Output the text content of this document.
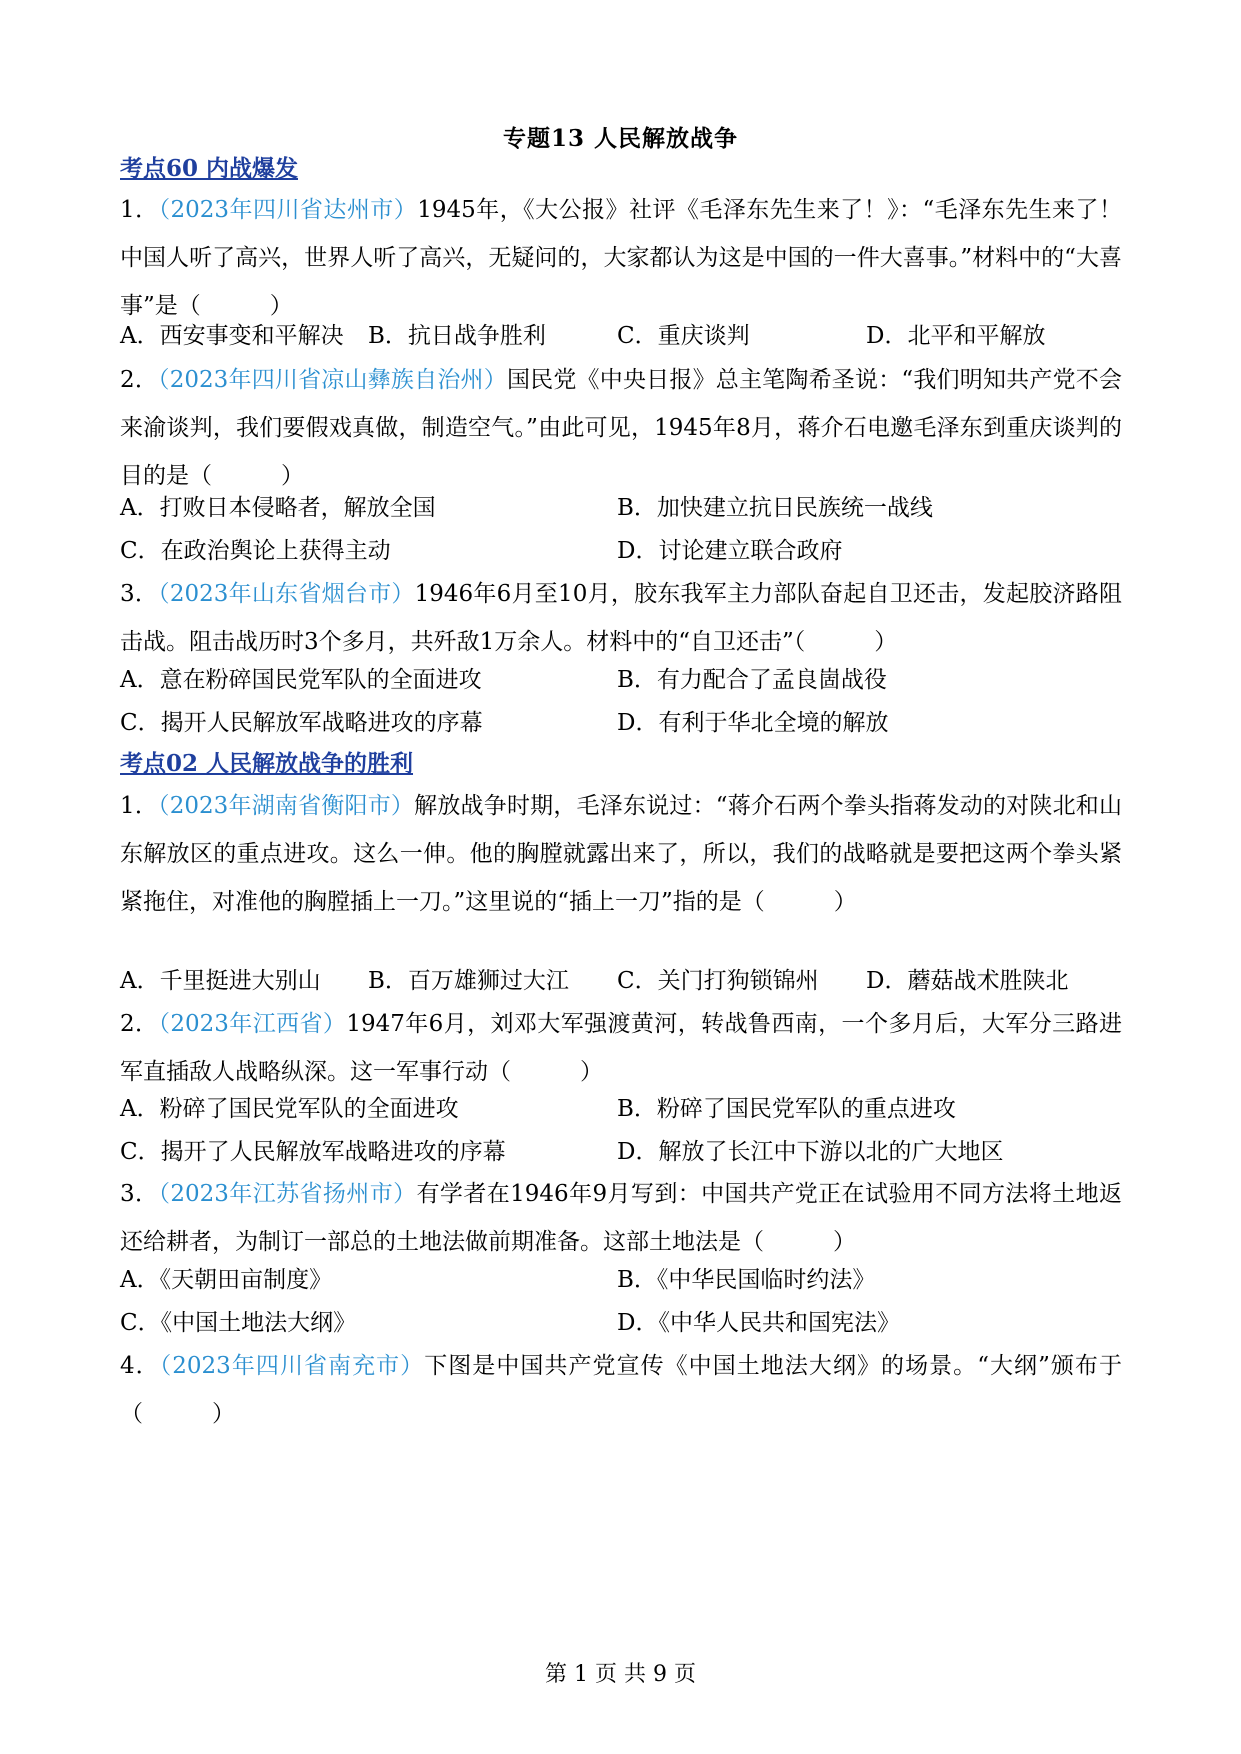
专题13 人民解放战争
考点60 内战爆发
1．（2023年四川省达州市）1945年，《大公报》社评《毛泽东先生来了！》：“毛泽东先生来了！中国人听了高兴，世界人听了高兴，无疑问的，大家都认为这是中国的一件大喜事。”材料中的“大喜事”是（　　　）
A．西安事变和平解决 B．抗日战争胜利	C．重庆谈判	D．北平和平解放
2．（2023年四川省凉山彝族自治州）国民党《中央日报》总主笔陶希圣说：“我们明知共产党不会来渝谈判，我们要假戏真做，制造空气。”由此可见，1945年8月，蒋介石电邀毛泽东到重庆谈判的目的是（　　　）
A．打败日本侵略者，解放全国	B．加快建立抗日民族统一战线
C．在政治舆论上获得主动	D．讨论建立联合政府
3．（2023年山东省烟台市）1946年6月至10月，胶东我军主力部队奋起自卫还击，发起胶济路阻击战。阻击战历时3个多月，共歼敌1万余人。材料中的“自卫还击”（　　　）
A．意在粉碎国民党军队的全面进攻	B．有力配合了孟良崮战役
C．揭开人民解放军战略进攻的序幕	D．有利于华北全境的解放
考点02 人民解放战争的胜利
1．（2023年湖南省衡阳市）解放战争时期，毛泽东说过：“蒋介石两个拳头指蒋发动的对陕北和山东解放区的重点进攻。这么一伸。他的胸膛就露出来了，所以，我们的战略就是要把这两个拳头紧紧拖住，对准他的胸膛插上一刀。”这里说的“插上一刀”指的是（　　　）
A．千里挺进大别山 B．百万雄狮过大江 C．关门打狗锁锦州 D．蘑菇战术胜陕北
2．（2023年江西省）1947年6月，刘邓大军强渡黄河，转战鲁西南，一个多月后，大军分三路进军直插敌人战略纵深。这一军事行动（　　　）
A．粉碎了国民党军队的全面进攻	B．粉碎了国民党军队的重点进攻
C．揭开了人民解放军战略进攻的序幕	D．解放了长江中下游以北的广大地区
3．（2023年江苏省扬州市）有学者在1946年9月写到：中国共产党正在试验用不同方法将土地返还给耕者，为制订一部总的土地法做前期准备。这部土地法是（　　　）
A．《天朝田亩制度》	B．《中华民国临时约法》
C．《中国土地法大纲》	D．《中华人民共和国宪法》
4．（2023年四川省南充市）下图是中国共产党宣传《中国土地法大纲》的场景。“大纲”颁布于（　　　）
第 1 页 共 9 页
